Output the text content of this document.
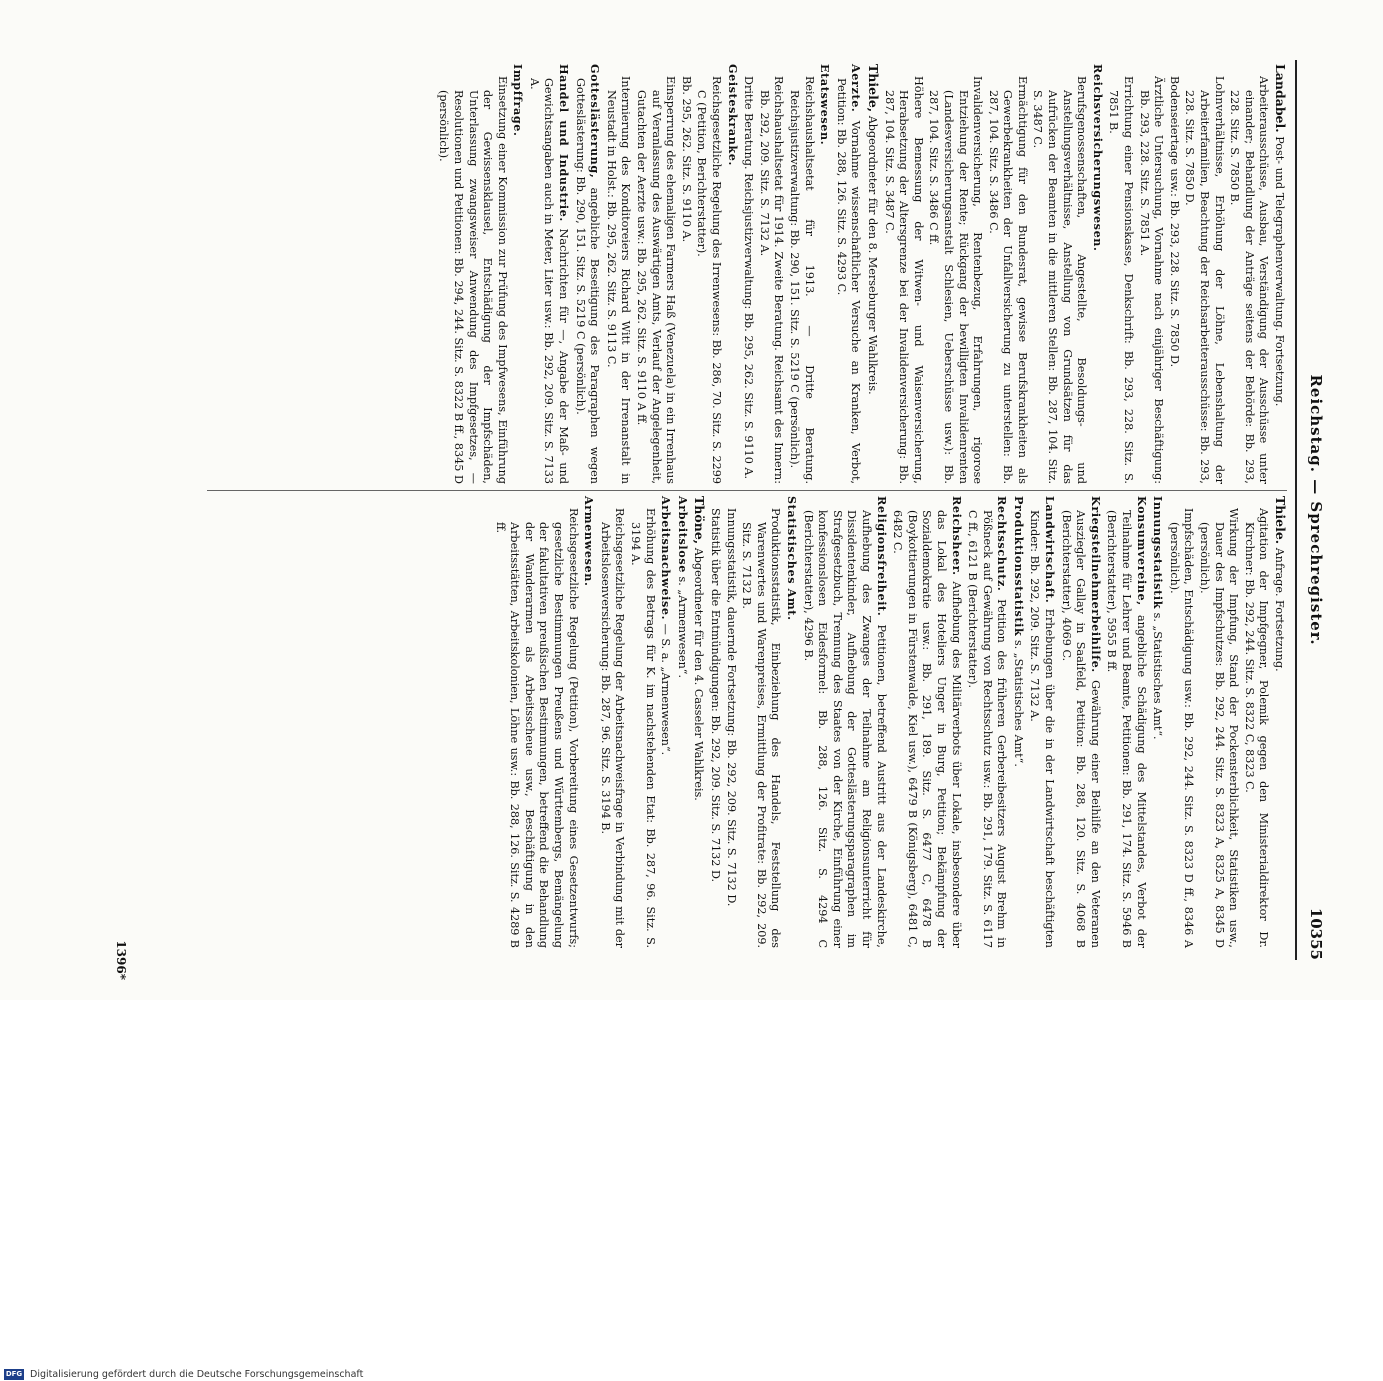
Reichstag. — Sprechregister.
10355
Thiele. Anfrage. Fortsetzung.
Agitation der Impfgegner, Polemik gegen den Ministerialdirektor Dr. Kirchner: Bb. 292, 244. Sitz. S. 8322 C, 8323 C.
Wirkung der Impfung, Stand der Pockensterblichkeit, Statistiken usw., Dauer des Impfschutzes: Bb. 292, 244. Sitz. S. 8323 A, 8325 A, 8345 D (persönlich).
Impfschäden, Entschädigung usw.: Bb. 292, 244. Sitz. S. 8323 D ff., 8346 A (persönlich).
Innungsstatistik s. „Statistisches Amt“.
Konsumvereine, angebliche Schädigung des Mittelstandes, Verbot der Teilnahme für Lehrer und Beamte, Petitionen: Bb. 291, 174. Sitz. S. 5946 B (Berichterstatter), 5955 B ff.
Kriegsteilnehmerbeihilfe. Gewährung einer Beihilfe an den Veteranen Ausziegler Gallay in Saalfeld, Petition: Bb. 288, 120. Sitz. S. 4068 B (Berichterstatter), 4069 C.
Landwirtschaft. Erhebungen über die in der Landwirtschaft beschäftigten Kinder: Bb. 292, 209. Sitz. S. 7132 A.
Produktionsstatistik s. „Statistisches Amt“.
Rechtsschutz. Petition des früheren Gerbereibesitzers August Brehm in Pößneck auf Gewährung von Rechtsschutz usw.: Bb. 291, 179. Sitz. S. 6117 C ff., 6121 B (Berichterstatter).
Reichsheer. Aufhebung des Militärverbots über Lokale, insbesondere über das Lokal des Hoteliers Unger in Burg, Petition; Bekämpfung der Sozialdemokratie usw.: Bb. 291, 189. Sitz. S. 6477 C, 6478 B (Boykottierungen in Fürstenwalde, Kiel usw.), 6479 B (Königsberg), 6481 C, 6482 C.
Religionsfreiheit. Petitionen, betreffend Austritt aus der Landeskirche, Aufhebung des Zwanges der Teilnahme am Religionsunterricht für Dissidentenkinder, Aufhebung der Gotteslästerungsparagraphen im Strafgesetzbuch, Trennung des Staates von der Kirche, Einführung einer konfessionslosen Eidesformel: Bb. 288, 126. Sitz. S. 4294 C (Berichterstatter), 4296 B.
Statistisches Amt.
Produktionsstatistik, Einbeziehung des Handels, Feststellung des Warenwertes und Warenpreises, Ermittlung der Profitrate: Bb. 292, 209. Sitz. S. 7132 B.
Innungsstatistik, dauernde Fortsetzung: Bb. 292, 209. Sitz. S. 7132 D.
Statistik über die Entmündigungen: Bb. 292, 209. Sitz. S. 7132 D.
Thöne, Abgeordneter für den 4. Casseler Wahlkreis.
Arbeitslose s. „Armenwesen“.
Arbeitsnachweise. — S. a. „Armenwesen“.
Erhöhung des Betrags für K. im nachstehenden Etat: Bb. 287, 96. Sitz. S. 3194 A.
Reichsgesetzliche Regelung der Arbeitsnachweisfrage in Verbindung mit der Arbeitslosenversicherung: Bb. 287, 96. Sitz. S. 3194 B.
Armenwesen.
Reichsgesetzliche Regelung (Petition), Vorbereitung eines Gesetzentwurfs; gesetzliche Bestimmungen Preußens und Württembergs, Bemängelung der fakultativen preußischen Bestimmungen, betreffend die Behandlung der Wanderarmen als Arbeitsscheue usw., Beschäftigung in den Arbeitsstätten, Arbeitskolonien, Löhne usw.: Bb. 288, 126. Sitz. S. 4289 B ff.
Landabel. Post- und Telegraphenverwaltung. Fortsetzung.
Arbeiterausschüsse, Ausbau, Verständigung der Ausschüsse unter einander; Behandlung der Anträge seitens der Behörde: Bb. 293, 228. Sitz. S. 7850 B.
Lohnverhältnisse, Erhöhung der Löhne, Lebenshaltung der Arbeiterfamilien, Beachtung der Reichsarbeiterausschüsse: Bb. 293, 228. Sitz. S. 7850 D.
Bodenseiertage usw.: Bb. 293, 228. Sitz. S. 7850 D.
Ärztliche Untersuchung, Vornahme nach einjähriger Beschäftigung: Bb. 293, 228. Sitz. S. 7851 A.
Errichtung einer Pensionskasse, Denkschrift: Bb. 293, 228. Sitz. S. 7851 B.
Reichsversicherungswesen.
Berufsgenossenschaften, Angestellte, Besoldungs- und Anstellungsverhältnisse, Anstellung von Grundsätzen für das Aufrücken der Beamten in die mittleren Stellen: Bb. 287, 104. Sitz. S. 3487 C.
Ermächtigung für den Bundesrat, gewisse Berufskrankheiten als Gewerbekrankheiten der Unfallversicherung zu unterstellen: Bb. 287, 104. Sitz. S. 3486 C.
Invalidenversicherung, Rentenbezug, Erfahrungen, rigorose Entziehung der Rente; Rückgang der bewilligten Invalidenrenten (Landesversicherungsanstalt Schlesien, Ueberschüsse usw.): Bb. 287, 104. Sitz. S. 3486 C ff.
Höhere Bemessung der Witwen- und Waisenversicherung, Herabsetzung der Altersgrenze bei der Invalidenversicherung: Bb. 287, 104. Sitz. S. 3487 C.
Thiele, Abgeordneter für den 8. Merseburger Wahlkreis.
Aerzte. Vornahme wissenschaftlicher Versuche an Kranken, Verbot, Petition: Bb. 288, 126. Sitz. S. 4293 C.
Etatswesen.
Reichshaushaltsetat für 1913. — Dritte Beratung. Reichsjustizverwaltung: Bb. 290, 151. Sitz. S. 5219 C (persönlich).
Reichshaushaltsetat für 1914. Zweite Beratung. Reichsamt des Innern: Bb. 292, 209. Sitz. S. 7132 A.
Dritte Beratung. Reichsjustizverwaltung: Bb. 295, 262. Sitz. S. 9110 A.
Geisteskranke.
Reichsgesetzliche Regelung des Irrenwesens: Bb. 286, 70. Sitz. S. 2299 C (Petition, Berichterstatter).
Bb. 295, 262. Sitz. S. 9110 A.
Einsperrung des ehemaligen Farmers Haß (Venezuela) in ein Irrenhaus auf Veranlassung des Auswärtigen Amts, Verlauf der Angelegenheit, Gutachten der Aerzte usw.: Bb. 295, 262. Sitz. S. 9110 A ff.
Internierung des Konditoreiers Richard Witt in der Irrenanstalt in Neustadt in Holst.: Bb. 295, 262. Sitz. S. 9113 C.
Gotteslästerung, angebliche Beseitigung des Paragraphen wegen Gotteslästerung: Bb. 290, 151. Sitz. S. 5219 C (persönlich).
Handel und Industrie. Nachrichten für —, Angabe der Maß- und Gewichtsangaben auch in Meter, Liter usw.: Bb. 292, 209. Sitz. S. 7133 A.
Impffrage.
Einsetzung einer Kommission zur Prüfung des Impfwesens, Einführung der Gewissensklausel, Entschädigung der Impfschäden, Unterlassung zwangsweiser Anwendung des Impfgesetzes, — Resolutionen und Petitionen: Bb. 294, 244. Sitz. S. 8322 B ff., 8345 D (persönlich).
1396*
DFG Digitalisierung gefördert durch die Deutsche Forschungsgemeinschaft
